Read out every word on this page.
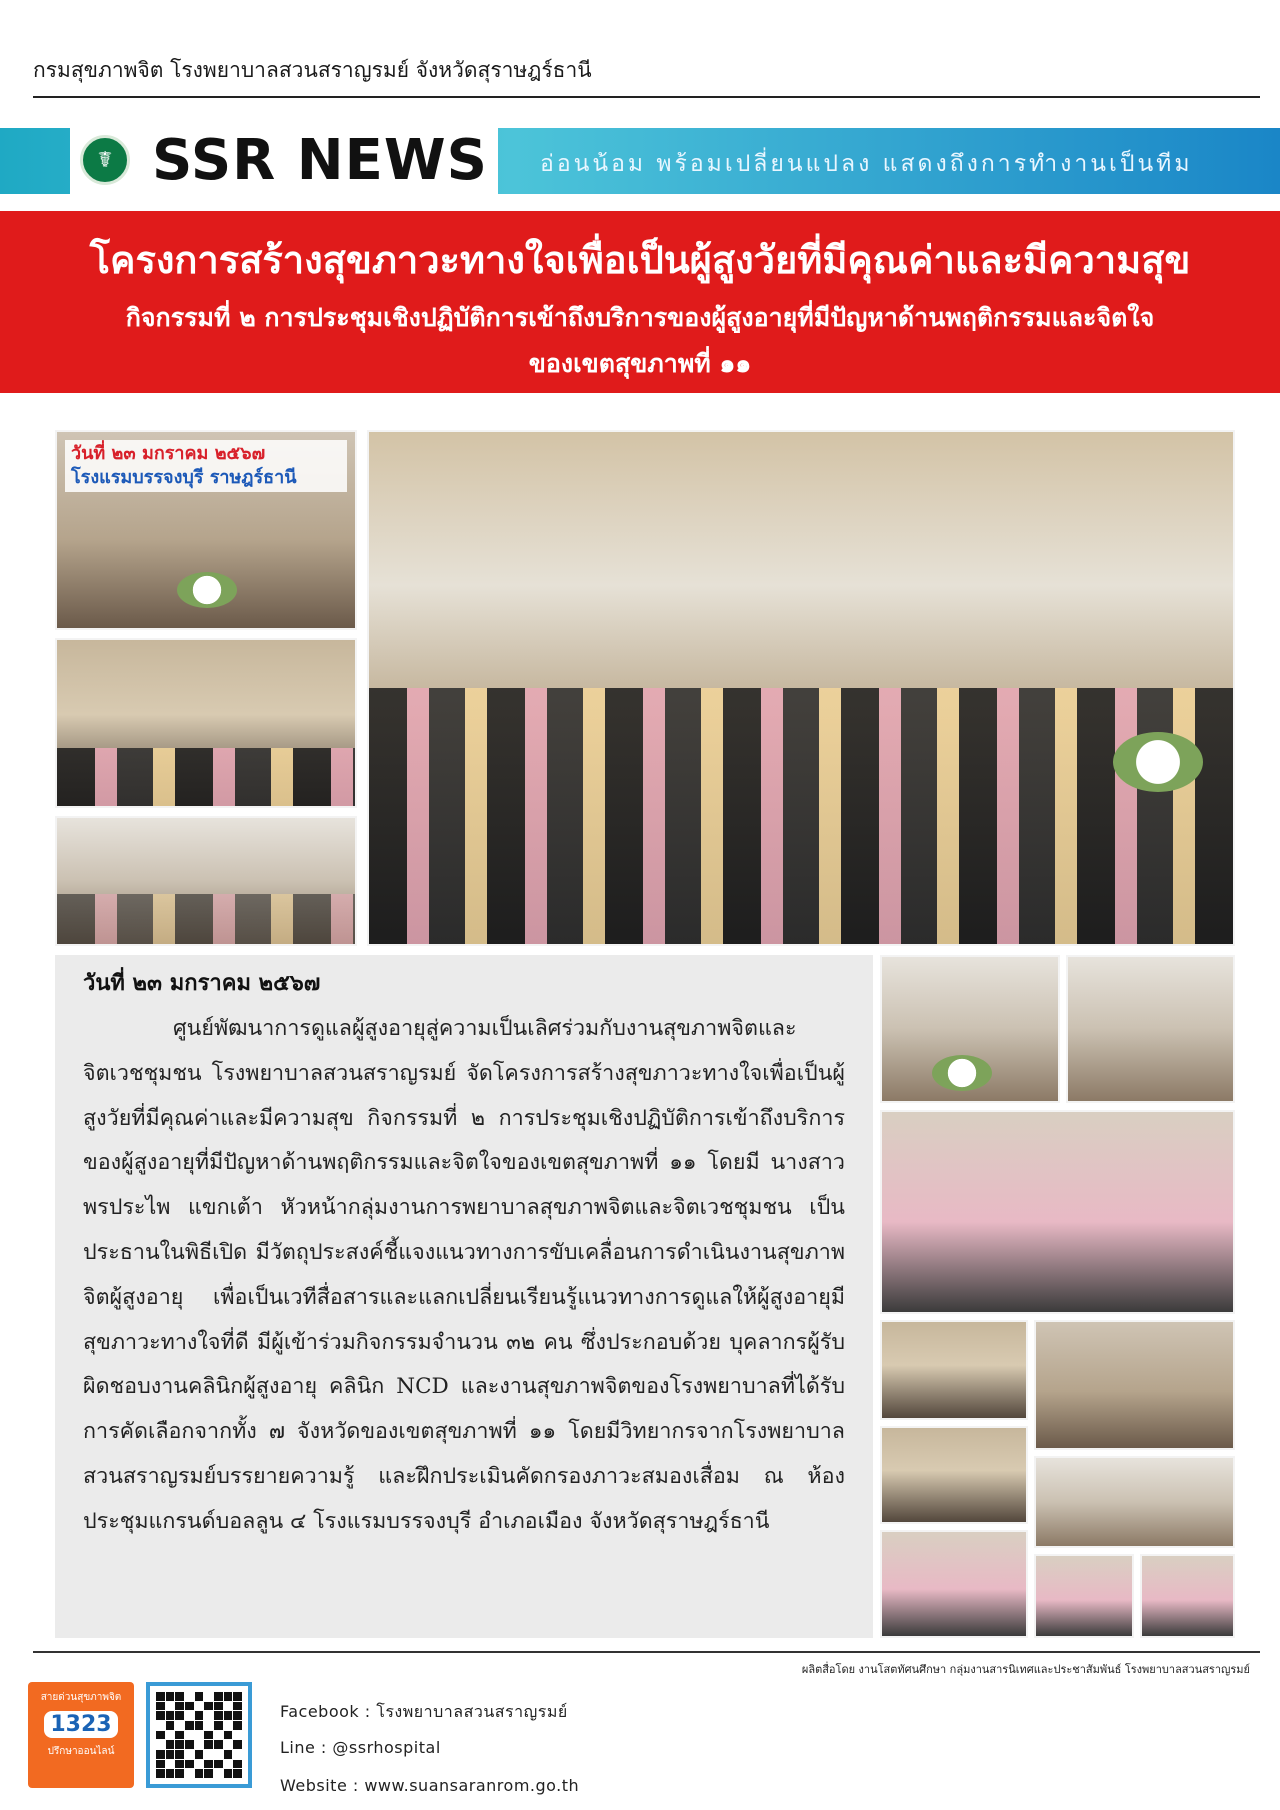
กรมสุขภาพจิต โรงพยาบาลสวนสราญรมย์ จังหวัดสุราษฎร์ธานี
☤ SSR NEWS อ่อนน้อม พร้อมเปลี่ยนแปลง แสดงถึงการทำงานเป็นทีม
โครงการสร้างสุขภาวะทางใจเพื่อเป็นผู้สูงวัยที่มีคุณค่าและมีความสุข
กิจกรรมที่ ๒ การประชุมเชิงปฏิบัติการเข้าถึงบริการของผู้สูงอายุที่มีปัญหาด้านพฤติกรรมและจิตใจ
ของเขตสุขภาพที่ ๑๑
วันที่ ๒๓ มกราคม ๒๕๖๗
โรงแรมบรรจงบุรี ราษฎร์ธานี
วันที่ ๒๓ มกราคม ๒๕๖๗
ศูนย์พัฒนาการดูแลผู้สูงอายุสู่ความเป็นเลิศร่วมกับงานสุขภาพจิตและจิตเวชชุมชน โรงพยาบาลสวนสราญรมย์ จัดโครงการสร้างสุขภาวะทางใจเพื่อเป็นผู้สูงวัยที่มีคุณค่าและมีความสุข กิจกรรมที่ ๒ การประชุมเชิงปฏิบัติการเข้าถึงบริการของผู้สูงอายุที่มีปัญหาด้านพฤติกรรมและจิตใจของเขตสุขภาพที่ ๑๑ โดยมี นางสาวพรประไพ แขกเต้า หัวหน้ากลุ่มงานการพยาบาลสุขภาพจิตและจิตเวชชุมชน เป็นประธานในพิธีเปิด มีวัตถุประสงค์ชี้แจงแนวทางการขับเคลื่อนการดำเนินงานสุขภาพจิตผู้สูงอายุ เพื่อเป็นเวทีสื่อสารและแลกเปลี่ยนเรียนรู้แนวทางการดูแลให้ผู้สูงอายุมีสุขภาวะทางใจที่ดี มีผู้เข้าร่วมกิจกรรมจำนวน ๓๒ คน ซึ่งประกอบด้วย บุคลากรผู้รับผิดชอบงานคลินิกผู้สูงอายุ คลินิก NCD และงานสุขภาพจิตของโรงพยาบาลที่ได้รับการคัดเลือกจากทั้ง ๗ จังหวัดของเขตสุขภาพที่ ๑๑ โดยมีวิทยากรจากโรงพยาบาลสวนสราญรมย์บรรยายความรู้ และฝึกประเมินคัดกรองภาวะสมองเสื่อม ณ ห้องประชุมแกรนด์บอลลูน ๔ โรงแรมบรรจงบุรี อำเภอเมือง จังหวัดสุราษฎร์ธานี
ผลิตสื่อโดย งานโสตทัศนศึกษา กลุ่มงานสารนิเทศและประชาสัมพันธ์ โรงพยาบาลสวนสราญรมย์
สายด่วนสุขภาพจิต
1323
ปรึกษาออนไลน์
Facebook : โรงพยาบาลสวนสราญรมย์
Line : @ssrhospital
Website : www.suansaranrom.go.th
